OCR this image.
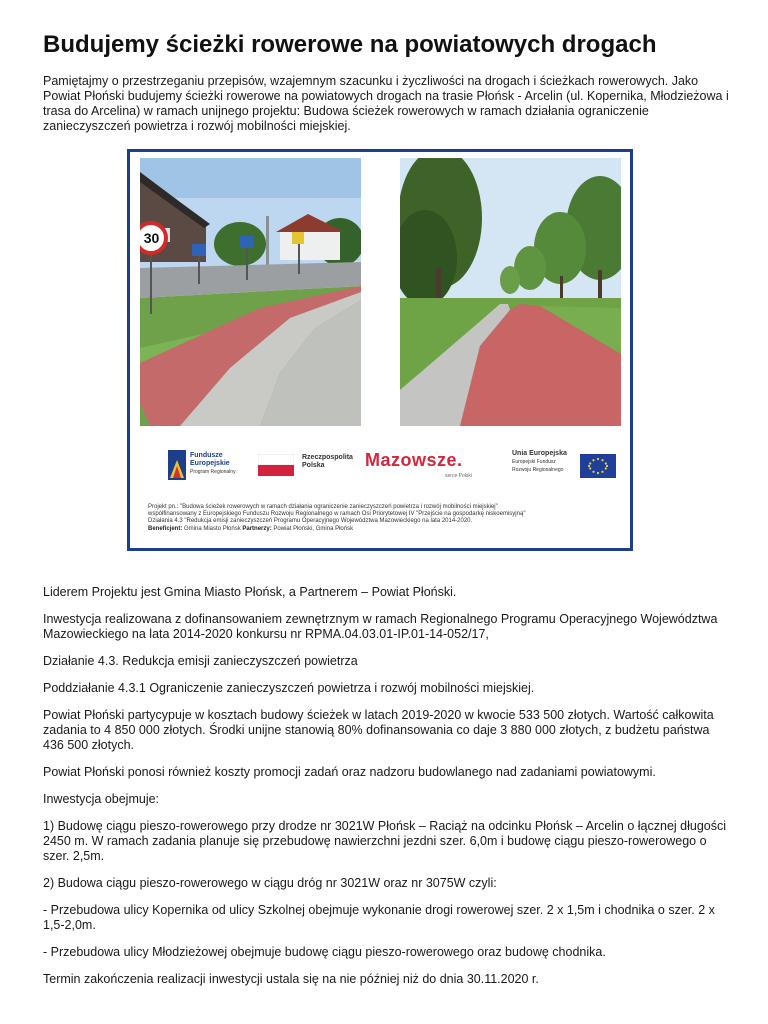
Budujemy ścieżki rowerowe na powiatowych drogach

Pamiętajmy o przestrzeganiu przepisów, wzajemnym szacunku i życzliwości na drogach i ścieżkach rowerowych. Jako Powiat Płoński budujemy ścieżki rowerowe na powiatowych drogach na trasie Płońsk - Arcelin (ul. Kopernika, Młodzieżowa i trasa do Arcelina) w ramach unijnego projektu: Budowa ścieżek rowerowych w ramach działania ograniczenie zanieczyszczeń powietrza i rozwój mobilności miejskiej.

30
Fundusze
Europejskie
Program Regionalny
Rzeczpospolita
Polska	Mazowsze.
serce Polski
Unia Europejska
Europejski Fundusz
Rozwoju Regionalnego
Projekt pn.: "Budowa ścieżek rowerowych w ramach działania ograniczenie zanieczyszczeń powietrza i rozwój mobilności miejskiej"
współfinansowany z Europejskiego Funduszu Rozwoju Regionalnego w ramach Osi Priorytetowej IV "Przejście na gospodarkę niskoemisyjną"
Działania 4.3 "Redukcja emisji zanieczyszczeń Programu Operacyjnego Województwa Mazowieckiego na lata 2014-2020.
Beneficjent: Gmina Miasto Płońsk Partnerzy: Powiat Płoński, Gmina Płońsk

Liderem Projektu jest Gmina Miasto Płońsk, a Partnerem – Powiat Płoński.

Inwestycja realizowana z dofinansowaniem zewnętrznym w ramach Regionalnego Programu Operacyjnego Województwa Mazowieckiego na lata 2014-2020 konkursu nr RPMA.04.03.01-IP.01-14-052/17,

Działanie 4.3. Redukcja emisji zanieczyszczeń powietrza

Poddziałanie 4.3.1 Ograniczenie zanieczyszczeń powietrza i rozwój mobilności miejskiej.

Powiat Płoński partycypuje w kosztach budowy ścieżek w latach 2019-2020 w kwocie 533 500 złotych. Wartość całkowita zadania to 4 850 000 złotych. Środki unijne stanowią 80% dofinansowania co daje 3 880 000 złotych, z budżetu państwa 436 500 złotych.

Powiat Płoński ponosi również koszty promocji zadań oraz nadzoru budowlanego nad zadaniami powiatowymi.

Inwestycja obejmuje:

1) Budowę ciągu pieszo-rowerowego przy drodze nr 3021W Płońsk – Raciąż na odcinku Płońsk – Arcelin o łącznej długości 2450 m. W ramach zadania planuje się przebudowę nawierzchni jezdni szer. 6,0m i budowę ciągu pieszo-rowerowego o szer. 2,5m.

2) Budowa ciągu pieszo-rowerowego w ciągu dróg nr 3021W oraz nr 3075W czyli:

- Przebudowa ulicy Kopernika od ulicy Szkolnej obejmuje wykonanie drogi rowerowej szer. 2 x 1,5m i chodnika o szer. 2 x 1,5-2,0m.

- Przebudowa ulicy Młodzieżowej obejmuje budowę ciągu pieszo-rowerowego oraz budowę chodnika.

Termin zakończenia realizacji inwestycji ustala się na nie później niż do dnia 30.11.2020 r.
